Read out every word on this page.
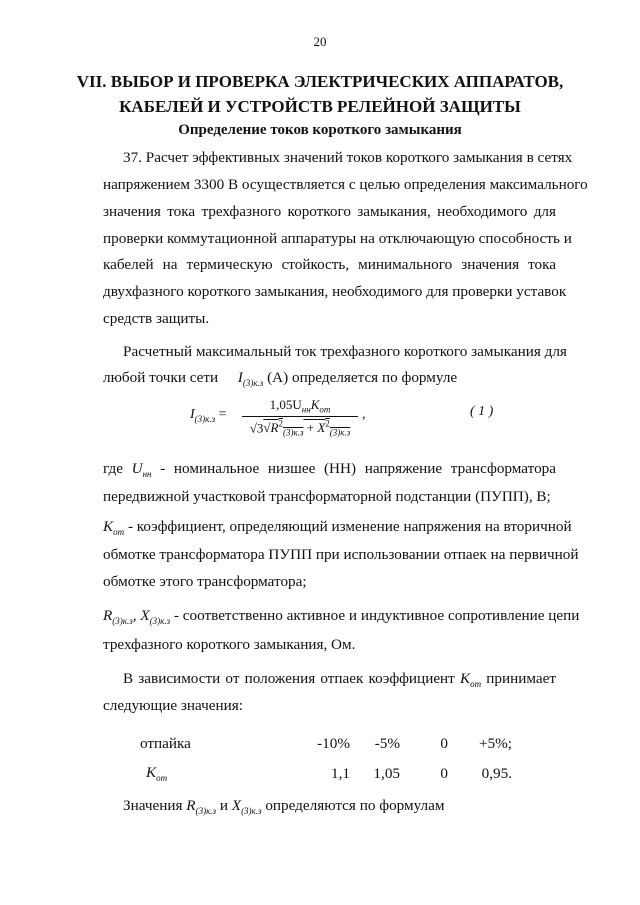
20
VII. ВЫБОР И ПРОВЕРКА ЭЛЕКТРИЧЕСКИХ АППАРАТОВ,
КАБЕЛЕЙ И УСТРОЙСТВ РЕЛЕЙНОЙ ЗАЩИТЫ
Определение токов короткого замыкания
37. Расчет эффективных значений токов короткого замыкания в сетях
напряжением 3300 В осуществляется с целью определения максимального
значения тока трехфазного короткого замыкания, необходимого для
проверки коммутационной аппаратуры на отключающую способность и
кабелей на термическую стойкость, минимального значения тока
двухфазного короткого замыкания, необходимого для проверки уставок
средств защиты.
Расчетный максимальный ток трехфазного короткого замыкания для
любой точки сети $I_{(3)к.з}$ (А) определяется по формуле
$I_{(3)к.з}$ =
$1,05U_{нн}K_{от}$
$√3√R^2_{(3)к.з} + X^2_{(3)к.з}$
,	( 1 )
где $U_{нн}$ - номинальное низшее (НН) напряжение трансформатора
передвижной участковой трансформаторной подстанции (ПУПП), В;
$K_{от}$ - коэффициент, определяющий изменение напряжения на вторичной
обмотке трансформатора ПУПП при использовании отпаек на первичной
обмотке этого трансформатора;
$R_{(3)к.з}$, $X_{(3)к.з}$ - соответственно активное и индуктивное сопротивление цепи
трехфазного короткого замыкания, Ом.
В зависимости от положения отпаек коэффициент $K_{от}$ принимает
следующие значения:
отпайка	-10%	-5%	0	+5%;
$K_{от}$	1,1	1,05	0	0,95.
Значения $R_{(3)к.з}$ и $X_{(3)к.з}$ определяются по формулам
